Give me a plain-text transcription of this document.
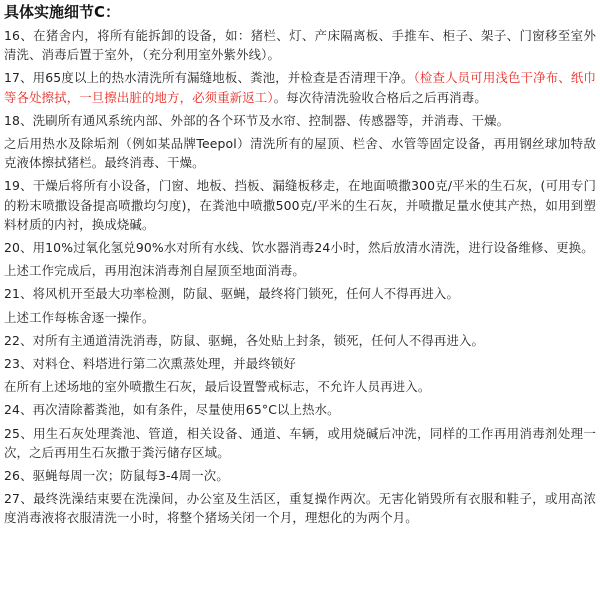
具体实施细节C：
16、在猪舍内，将所有能拆卸的设备，如：猪栏、灯、产床隔离板、手推车、柜子、架子、门窗移至室外清洗、消毒后置于室外，（充分利用室外紫外线）。
17、用65度以上的热水清洗所有漏缝地板、粪池，并检查是否清理干净。（检查人员可用浅色干净布、纸巾等各处擦拭，一旦擦出脏的地方，必须重新返工）。每次待清洗验收合格后之后再消毒。
18、洗刷所有通风系统内部、外部的各个环节及水帘、控制器、传感器等，并消毒、干燥。
之后用热水及除垢剂（例如某品牌Teepol）清洗所有的屋顶、栏舍、水管等固定设备，再用钢丝球加特敌克液体擦拭猪栏。最终消毒、干燥。
19、干燥后将所有小设备，门窗、地板、挡板、漏缝板移走，在地面喷撒300克/平米的生石灰，(可用专门的粉末喷撒设备提高喷撒均匀度)，在粪池中喷撒500克/平米的生石灰，并喷撒足量水使其产热，如用到塑料材质的内衬，换成烧碱。
20、用10%过氧化氢兑90%水对所有水线、饮水器消毒24小时，然后放清水清洗，进行设备维修、更换。
上述工作完成后，再用泡沫消毒剂自屋顶至地面消毒。
21、将风机开至最大功率检测，防鼠、驱蝇，最终将门锁死，任何人不得再进入。
上述工作每栋舍逐一操作。
22、对所有主通道清洗消毒，防鼠、驱蝇，各处贴上封条，锁死，任何人不得再进入。
23、对料仓、料塔进行第二次熏蒸处理，并最终锁好
在所有上述场地的室外喷撒生石灰，最后设置警戒标志，不允许人员再进入。
24、再次清除蓄粪池，如有条件，尽量使用65°C以上热水。
25、用生石灰处理粪池、管道，相关设备、通道、车辆，或用烧碱后冲洗，同样的工作再用消毒剂处理一次，之后再用生石灰撒于粪污储存区域。
26、驱蝇每周一次；防鼠每3-4周一次。
27、最终洗澡结束要在洗澡间，办公室及生活区，重复操作两次。无害化销毁所有衣服和鞋子，或用高浓度消毒液将衣服清洗一小时，将整个猪场关闭一个月，理想化的为两个月。
